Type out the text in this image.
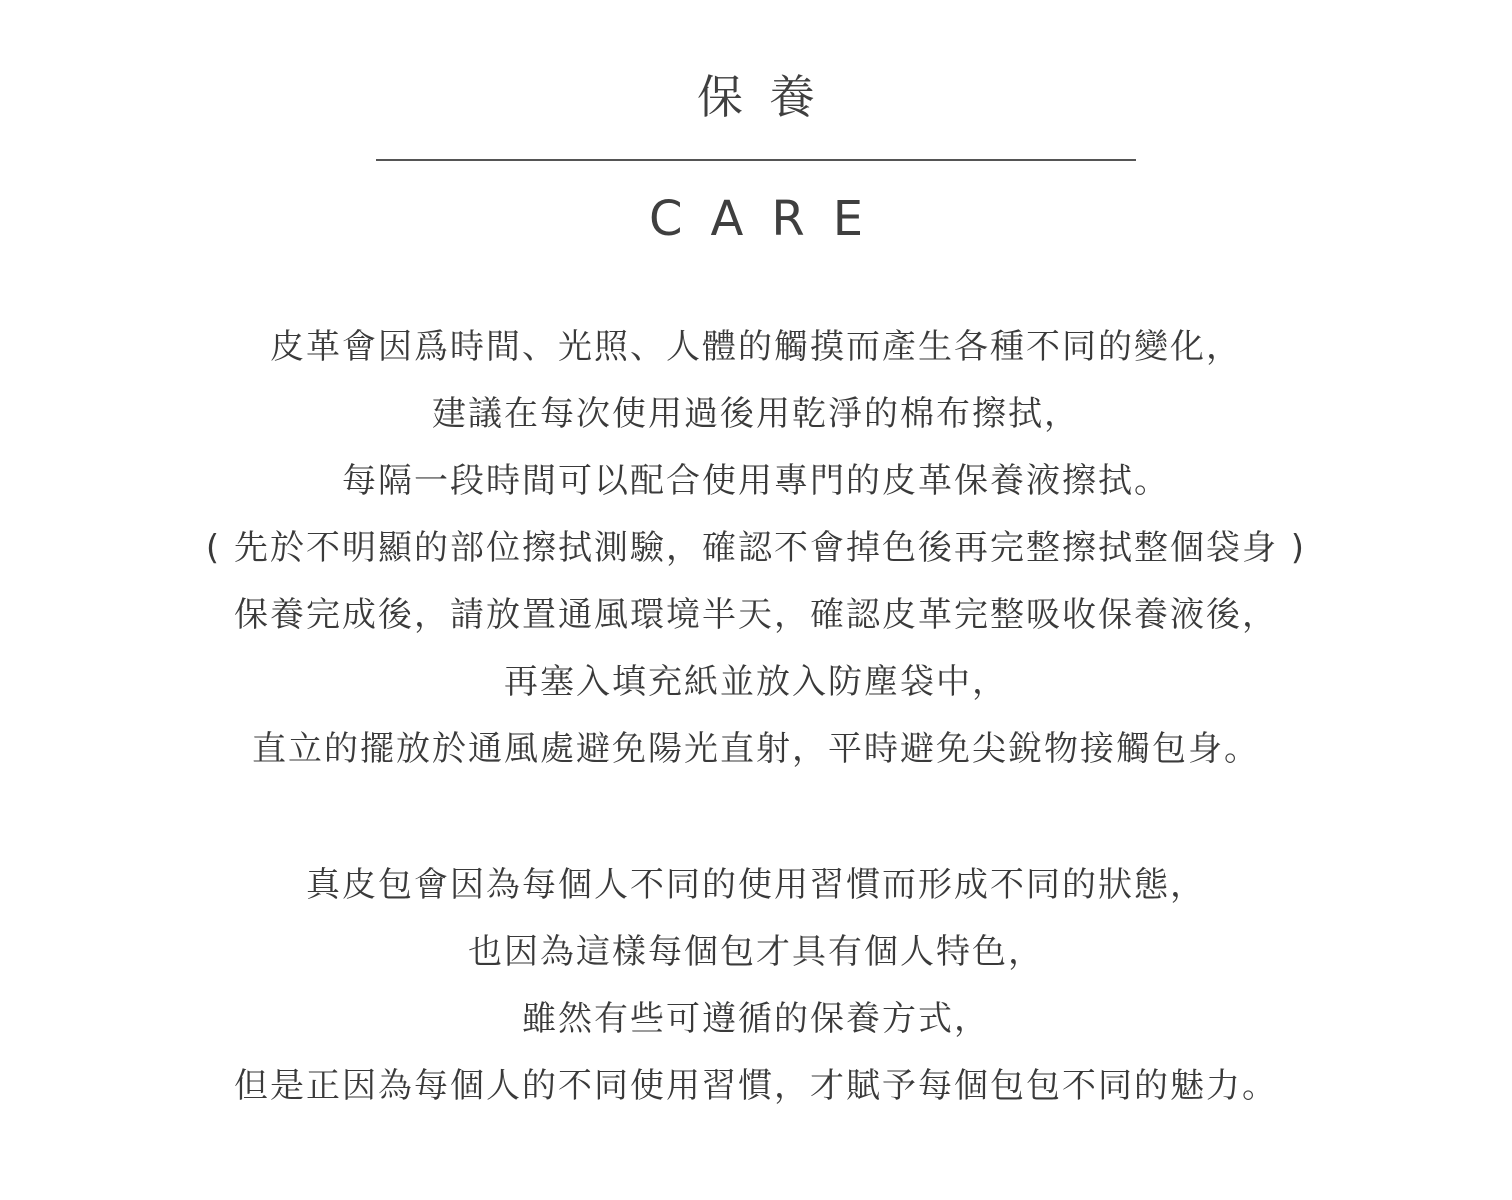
保養
CARE
皮革會因爲時間、光照、人體的觸摸而產生各種不同的變化，
建議在每次使用過後用乾淨的棉布擦拭，
每隔一段時間可以配合使用專門的皮革保養液擦拭。
( 先於不明顯的部位擦拭測驗，確認不會掉色後再完整擦拭整個袋身 )
保養完成後，請放置通風環境半天，確認皮革完整吸收保養液後，
再塞入填充紙並放入防塵袋中，
直立的擺放於通風處避免陽光直射，平時避免尖銳物接觸包身。
真皮包會因為每個人不同的使用習慣而形成不同的狀態，
也因為這樣每個包才具有個人特色，
雖然有些可遵循的保養方式，
但是正因為每個人的不同使用習慣，才賦予每個包包不同的魅力。
